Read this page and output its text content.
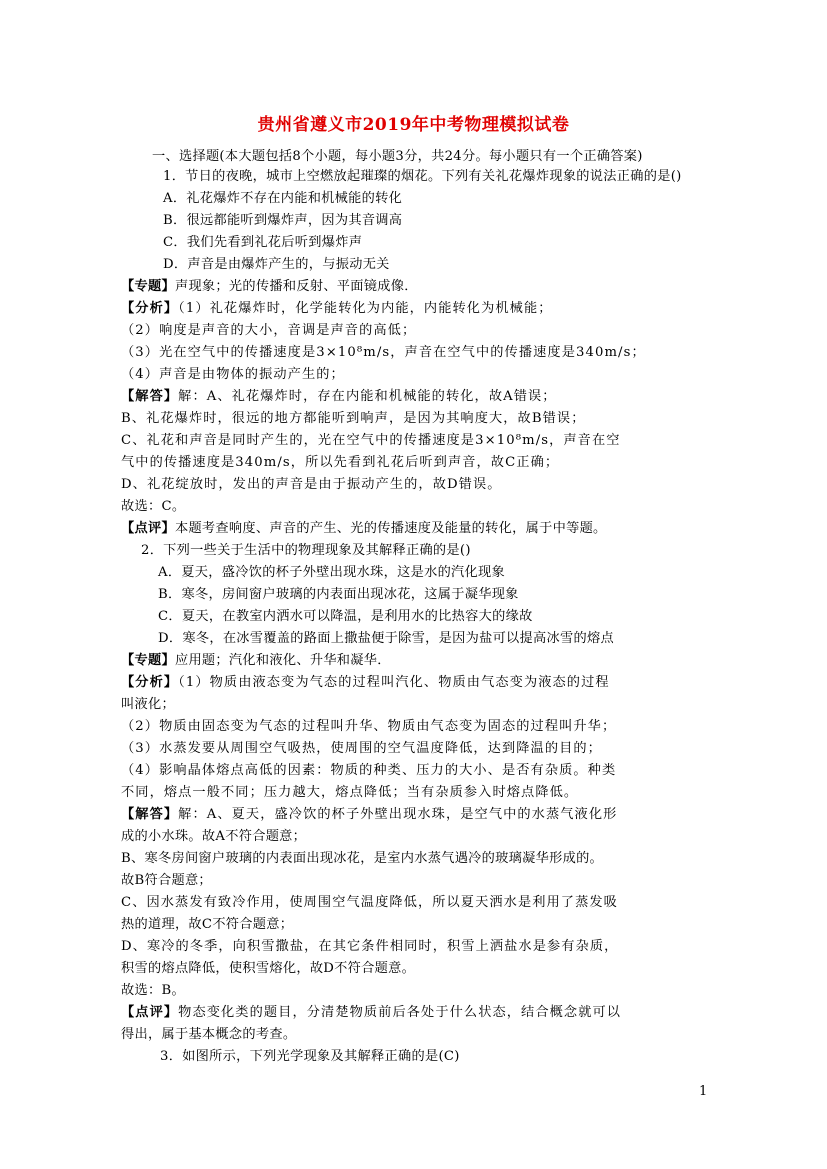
贵州省遵义市2019年中考物理模拟试卷
一、选择题(本大题包括8个小题，每小题3分，共24分。每小题只有一个正确答案)
1．节日的夜晚，城市上空燃放起璀璨的烟花。下列有关礼花爆炸现象的说法正确的是()
A．礼花爆炸不存在内能和机械能的转化
B．很远都能听到爆炸声，因为其音调高
C．我们先看到礼花后听到爆炸声
D．声音是由爆炸产生的，与振动无关
【专题】声现象；光的传播和反射、平面镜成像．
【分析】（1）礼花爆炸时，化学能转化为内能，内能转化为机械能；
（2）响度是声音的大小，音调是声音的高低；
（3）光在空气中的传播速度是3×10⁸m/s，声音在空气中的传播速度是340m/s；
（4）声音是由物体的振动产生的；
【解答】解：A、礼花爆炸时，存在内能和机械能的转化，故A错误；
B、礼花爆炸时，很远的地方都能听到响声，是因为其响度大，故B错误；
C、礼花和声音是同时产生的，光在空气中的传播速度是3×10⁸m/s，声音在空
气中的传播速度是340m/s，所以先看到礼花后听到声音，故C正确；
D、礼花绽放时，发出的声音是由于振动产生的，故D错误。
故选：C。
【点评】本题考查响度、声音的产生、光的传播速度及能量的转化，属于中等题。
2．下列一些关于生活中的物理现象及其解释正确的是()
A．夏天，盛冷饮的杯子外壁出现水珠，这是水的汽化现象
B．寒冬，房间窗户玻璃的内表面出现冰花，这属于凝华现象
C．夏天，在教室内洒水可以降温，是利用水的比热容大的缘故
D．寒冬，在冰雪覆盖的路面上撒盐便于除雪，是因为盐可以提高冰雪的熔点
【专题】应用题；汽化和液化、升华和凝华．
【分析】（1）物质由液态变为气态的过程叫汽化、物质由气态变为液态的过程
叫液化；
（2）物质由固态变为气态的过程叫升华、物质由气态变为固态的过程叫升华；
（3）水蒸发要从周围空气吸热，使周围的空气温度降低，达到降温的目的；
（4）影响晶体熔点高低的因素：物质的种类、压力的大小、是否有杂质。种类
不同，熔点一般不同；压力越大，熔点降低；当有杂质参入时熔点降低。
【解答】解：A、夏天，盛冷饮的杯子外壁出现水珠，是空气中的水蒸气液化形
成的小水珠。故A不符合题意；
B、寒冬房间窗户玻璃的内表面出现冰花，是室内水蒸气遇冷的玻璃凝华形成的。
故B符合题意；
C、因水蒸发有致冷作用，使周围空气温度降低，所以夏天洒水是利用了蒸发吸
热的道理，故C不符合题意；
D、寒冷的冬季，向积雪撒盐，在其它条件相同时，积雪上洒盐水是参有杂质，
积雪的熔点降低，使积雪熔化，故D不符合题意。
故选：B。
【点评】物态变化类的题目，分清楚物质前后各处于什么状态，结合概念就可以
得出，属于基本概念的考查。
3．如图所示，下列光学现象及其解释正确的是(C)
1
